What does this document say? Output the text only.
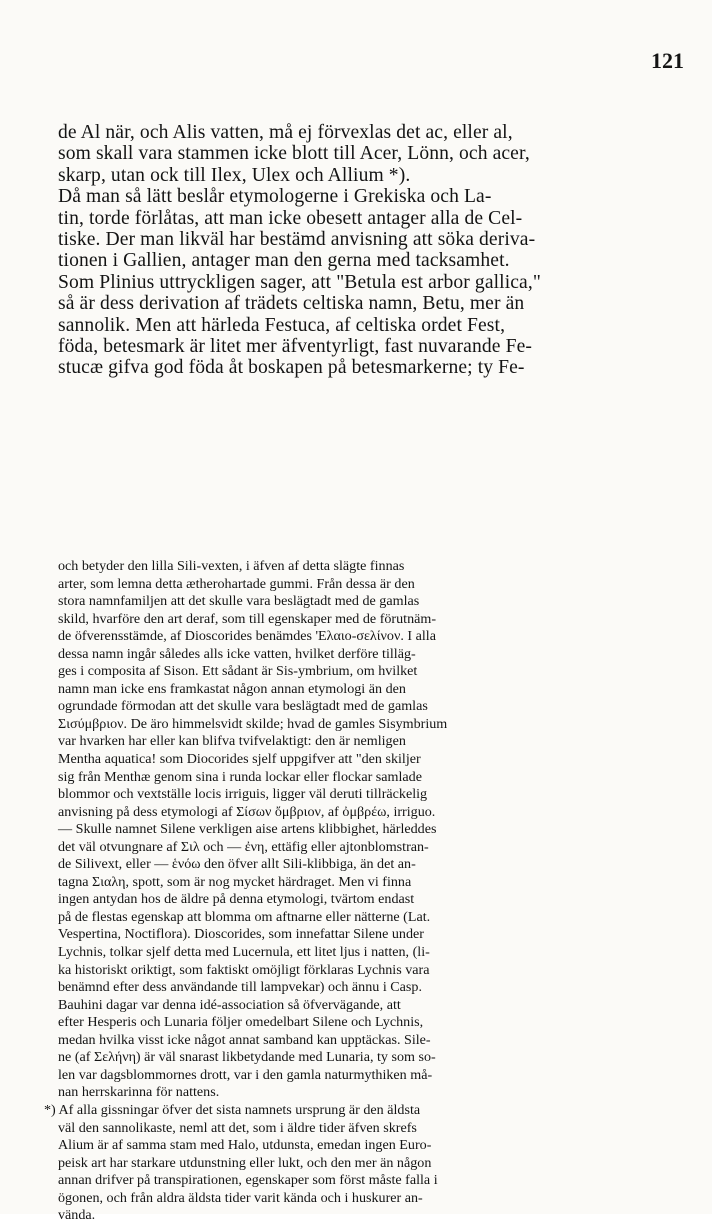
121
de Al när, och Alis vatten, må ej förvexlas det ac, eller al,
som skall vara stammen icke blott till Acer, Lönn, och acer,
skarp, utan ock till Ilex, Ulex och Allium *).
Då man så lätt beslår etymologerne i Grekiska och La-
tin, torde förlåtas, att man icke obesett antager alla de Cel-
tiske. Der man likväl har bestämd anvisning att söka deriva-
tionen i Gallien, antager man den gerna med tacksamhet.
Som Plinius uttryckligen sager, att "Betula est arbor gallica,"
så är dess derivation af trädets celtiska namn, Betu, mer än
sannolik. Men att härleda Festuca, af celtiska ordet Fest,
föda, betesmark är litet mer äfventyrligt, fast nuvarande Fe-
stucæ gifva god föda åt boskapen på betesmarkerne; ty Fe-
och betyder den lilla Sili-vexten, i äfven af detta slägte finnas
arter, som lemna detta ætherohartade gummi. Från dessa är den
stora namnfamiljen att det skulle vara beslägtadt med de gamlas
skild, hvarföre den art deraf, som till egenskaper med de förutnäm-
de öfverensstämde, af Dioscorides benämdes 'Ελαιο-σελίνον. I alla
dessa namn ingår således alls icke vatten, hvilket derföre tilläg-
ges i composita af Sison. Ett sådant är Sis-ymbrium, om hvilket
namn man icke ens framkastat någon annan etymologi än den
ogrundade förmodan att det skulle vara beslägtadt med de gamlas
Σισύμβριον. De äro himmelsvidt skilde; hvad de gamles Sisymbrium
var hvarken har eller kan blifva tvifvelaktigt: den är nemligen
Mentha aquatica! som Diocorides sjelf uppgifver att "den skiljer
sig från Menthæ genom sina i runda lockar eller flockar samlade
blommor och vextställe locis irriguis, ligger väl deruti tillräckelig
anvisning på dess etymologi af Σίσων ὄμβριον, af ὀμβρέω, irriguo.
— Skulle namnet Silene verkligen aise artens klibbighet, härleddes
det väl otvungnare af Σιλ och — ἐνη, ettäfig eller ajtonblomstran-
de Silivext, eller — ἑνόω den öfver allt Sili-klibbiga, än det an-
tagna Σιαλη, spott, som är nog mycket härdraget. Men vi finna
ingen antydan hos de äldre på denna etymologi, tvärtom endast
på de flestas egenskap att blomma om aftnarne eller nätterne (Lat.
Vespertina, Noctiflora). Dioscorides, som innefattar Silene under
Lychnis, tolkar sjelf detta med Lucernula, ett litet ljus i natten, (li-
ka historiskt oriktigt, som faktiskt omöjligt förklaras Lychnis vara
benämnd efter dess användande till lampvekar) och ännu i Casp.
Bauhini dagar var denna idé-association så öfvervägande, att
efter Hesperis och Lunaria följer omedelbart Silene och Lychnis,
medan hvilka visst icke något annat samband kan upptäckas. Sile-
ne (af Σελήνη) är väl snarast likbetydande med Lunaria, ty som so-
len var dagsblommornes drott, var i den gamla naturmythiken må-
nan herrskarinna för nattens.
*) Af alla gissningar öfver det sista namnets ursprung är den äldsta
väl den sannolikaste, neml att det, som i äldre tider äfven skrefs
Alium är af samma stam med Halo, utdunsta, emedan ingen Euro-
peisk art har starkare utdunstning eller lukt, och den mer än någon
annan drifver på transpirationen, egenskaper som först måste falla i
ögonen, och från aldra äldsta tider varit kända och i huskurer an-
vända.
